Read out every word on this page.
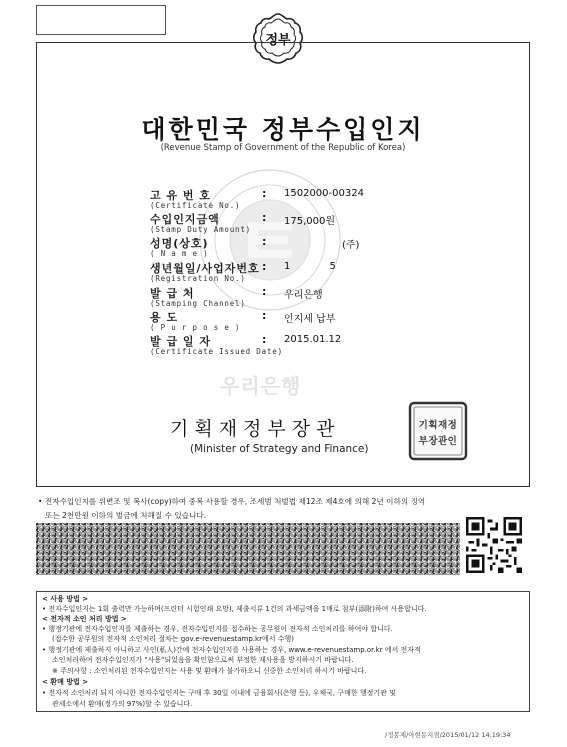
정부
대한민국 정부수입인지
(Revenue Stamp of Government of the Republic of Korea)
고 유 번 호
(Certificate No.)
: 1502000-00324
수입인지금액
(Stamp Duty Amount)
: 175,000원
성명(상호)
( N a m e )
:	(주)
생년월일/사업자번호
(Registration No.)
: 1 5
발 급 처
(Stamping Channel)
: 우리은행
용 도
( P u r p o s e )
: 인지세 납부
발 급 일 자
(Certificate Issued Date)
: 2015.01.12
우리은행
기획재정부장관
(Minister of Strategy and Finance)
기획재정
부장관인
• 전자수입인지를 위변조 및 복사(copy)하여 중복 사용할 경우, 조세범 처벌법 제12조 제4호에 의해 2년 이하의 징역
또는 2천만원 이하의 벌금에 처해질 수 있습니다.
< 사용 방법 >
• 전자수입인지는 1회 출력만 가능하며(프린터 시험인쇄 요망), 제출서류 1건의 과세금액을 1매로 첨부(添附)하여 사용합니다.
< 전자적 소인 처리 방법 >
• 행정기관에 전자수입인지를 제출하는 경우, 전자수입인지를 접수하는 공무원이 전자적 소인처리를 하여야 합니다.
(접수한 공무원의 전자적 소인처리 절차는 gov.e-revenuestamp.kr에서 수행)
• 행정기관에 제출하지 아니하고 사인(私人)간에 전자수입인지를 사용하는 경우, www.e-revenuestamp.or.kr 에서 전자적
소인처리하여 전자수입인지가 "사용"되었음을 확인함으로써 부정한 재사용을 방지하시기 바랍니다.
※ 주의사항 : 소인처리된 전자수입인지는 사용 및 환매가 불가하오니 신중한 소인처리 하시기 바랍니다.
< 환매 방법 >
• 전자적 소인처리 되지 아니한 전자수입인지는 구매 후 30일 이내에 금융회사(은행 등), 우체국, 구매한 행정기관 및
관세소에서 환매(정가의 97%)할 수 있습니다.
/정봉재/아현동지점/2015/01/12 14:19:34
